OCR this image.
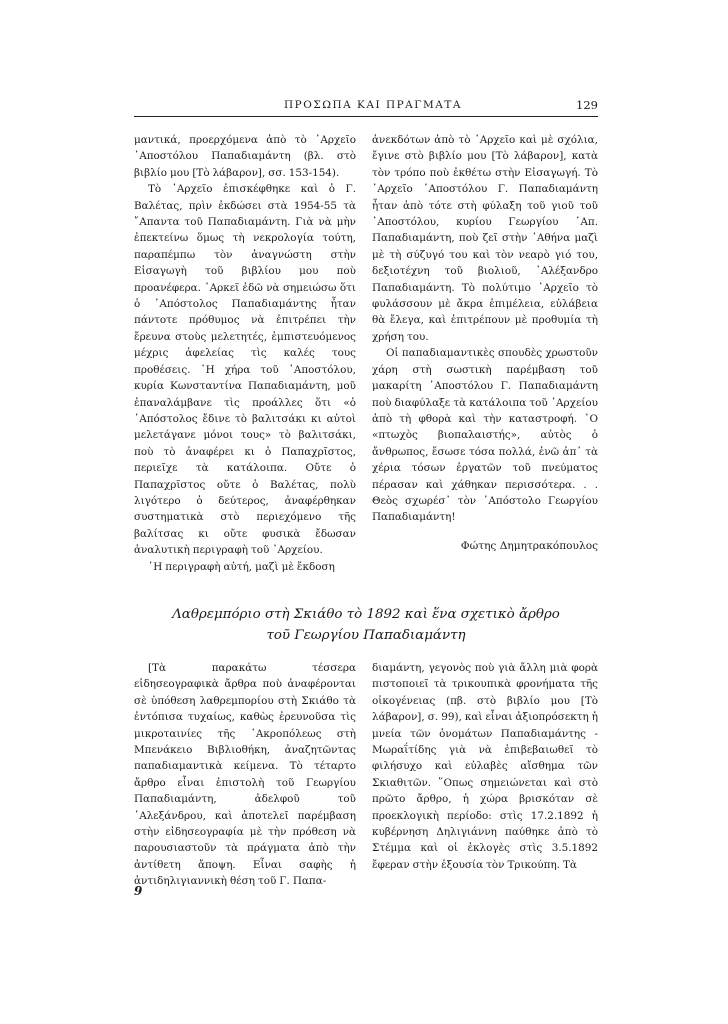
ΠΡΟΣΩΠΑ ΚΑΙ ΠΡΑΓΜΑΤΑ	129

μαντικά, προερχόμενα ἀπὸ τὸ ᾿Αρχεῖο ᾿Αποστόλου Παπαδιαμάντη (βλ. στὸ βιβλίο μου [Τὸ λάβαρον], σσ. 153-154).

Τὸ ᾿Αρχεῖο ἐπισκέφθηκε καὶ ὁ Γ. Βαλέτας, πρὶν ἐκδώσει στὰ 1954-55 τὰ ῎Απαντα τοῦ Παπαδιαμάντη. Γιὰ νὰ μὴν ἐπεκτείνω ὅμως τὴ νεκρολογία τούτη, παραπέμπω τὸν ἀναγνώστη στὴν Εἰσαγωγὴ τοῦ βιβλίου μου ποὺ προανέφερα. ᾿Αρκεῖ ἐδῶ νὰ σημειώσω ὅτι ὁ ᾿Απόστολος Παπαδιαμάντης ἦταν πάντοτε πρόθυμος νὰ ἐπιτρέπει τὴν ἔρευνα στοὺς μελετητές, ἐμπιστευόμενος μέχρις ἀφελείας τὶς καλές τους προθέσεις. ῾Η χήρα τοῦ ᾿Αποστόλου, κυρία Κωνσταντίνα Παπαδιαμάντη, μοῦ ἐπαναλάμβανε τὶς προάλλες ὅτι «ὁ ᾿Απόστολος ἔδινε τὸ βαλιτσάκι κι αὐτοὶ μελετάγανε μόνοι τους» τὸ βαλιτσάκι, ποὺ τὸ ἀναφέρει κι ὁ Παπαχρῖστος, περιεῖχε τὰ κατάλοιπα. Οὔτε ὁ Παπαχρῖστος οὔτε ὁ Βαλέτας, πολὺ λιγότερο ὁ δεύτερος, ἀναφέρθηκαν συστηματικὰ στὸ περιεχόμενο τῆς βαλίτσας κι οὔτε φυσικὰ ἔδωσαν ἀναλυτικὴ περιγραφὴ τοῦ ᾿Αρχείου.

῾Η περιγραφὴ αὐτή, μαζὶ μὲ ἔκδοση

ἀνεκδότων ἀπὸ τὸ ᾿Αρχεῖο καὶ μὲ σχόλια, ἔγινε στὸ βιβλίο μου [Τὸ λάβαρον], κατὰ τὸν τρόπο ποὺ ἐκθέτω στὴν Εἰσαγωγή. Τὸ ᾿Αρχεῖο ᾿Αποστόλου Γ. Παπαδιαμάντη ἦταν ἀπὸ τότε στὴ φύλαξη τοῦ γιοῦ τοῦ ᾿Αποστόλου, κυρίου Γεωργίου ᾿Απ. Παπαδιαμάντη, ποὺ ζεῖ στὴν ᾿Αθήνα μαζὶ μὲ τὴ σύζυγό του καὶ τὸν νεαρὸ γιό του, δεξιοτέχνη τοῦ βιολιοῦ, ᾿Αλέξανδρο Παπαδιαμάντη. Τὸ πολύτιμο ᾿Αρχεῖο τὸ φυλάσσουν μὲ ἄκρα ἐπιμέλεια, εὐλάβεια θὰ ἔλεγα, καὶ ἐπιτρέπουν μὲ προθυμία τὴ χρήση του.

Οἱ παπαδιαμαντικὲς σπουδὲς χρωστοῦν χάρη στὴ σωστικὴ παρέμβαση τοῦ μακαρίτη ᾿Αποστόλου Γ. Παπαδιαμάντη ποὺ διαφύλαξε τὰ κατάλοιπα τοῦ ᾿Αρχείου ἀπὸ τὴ φθορὰ καὶ τὴν καταστροφή. ῾Ο «πτωχὸς βιοπαλαιστής», αὐτὸς ὁ ἄνθρωπος, ἔσωσε τόσα πολλά, ἐνῶ ἀπ᾿ τὰ χέρια τόσων ἐργατῶν τοῦ πνεύματος πέρασαν καὶ χάθηκαν περισσότερα. . . Θεὸς σχωρέσ᾿ τὸν ᾿Απόστολο Γεωργίου Παπαδιαμάντη!

Φώτης Δημητρακόπουλος
Λαθρεμπόριο στὴ Σκιάθο τὸ 1892 καὶ ἕνα σχετικὸ ἄρθρο
τοῦ Γεωργίου Παπαδιαμάντη

[Τὰ παρακάτω τέσσερα εἰδησεογραφικὰ ἄρθρα ποὺ ἀναφέρονται σὲ ὑπόθεση λαθρεμπορίου στὴ Σκιάθο τὰ ἐντόπισα τυχαίως, καθὼς ἐρευνοῦσα τὶς μικροταινίες τῆς ᾿Ακροπόλεως στὴ Μπενάκειο Βιβλιοθήκη, ἀναζητῶντας παπαδιαμαντικὰ κείμενα. Τὸ τέταρτο ἄρθρο εἶναι ἐπιστολὴ τοῦ Γεωργίου Παπαδιαμάντη, ἀδελφοῦ τοῦ ᾿Αλεξάνδρου, καὶ ἀποτελεῖ παρέμβαση στὴν εἰδησεογραφία μὲ τὴν πρόθεση νὰ παρουσιαστοῦν τὰ πράγματα ἀπὸ τὴν ἀντίθετη ἄποψη. Εἶναι σαφὴς ἡ ἀντιδηλιγιαννικὴ θέση τοῦ Γ. Παπα-

διαμάντη, γεγονὸς ποὺ γιὰ ἄλλη μιὰ φορὰ πιστοποιεῖ τὰ τρικουπικὰ φρονήματα τῆς οἰκογένειας (πβ. στὸ βιβλίο μου [Τὸ λάβαρον], σ. 99), καὶ εἶναι ἀξιοπρόσεκτη ἡ μνεία τῶν ὀνομάτων Παπαδιαμάντης - Μωραΐτίδης γιὰ νὰ ἐπιβεβαιωθεῖ τὸ φιλήσυχο καὶ εὐλαβὲς αἴσθημα τῶν Σκιαθιτῶν. ῞Οπως σημειώνεται καὶ στὸ πρῶτο ἄρθρο, ἡ χώρα βρισκόταν σὲ προεκλογικὴ περίοδο: στὶς 17.2.1892 ἡ κυβέρνηση Δηλιγιάννη παύθηκε ἀπὸ τὸ Στέμμα καὶ οἱ ἐκλογὲς στὶς 3.5.1892 ἔφεραν στὴν ἐξουσία τὸν Τρικούπη. Τὰ

9
